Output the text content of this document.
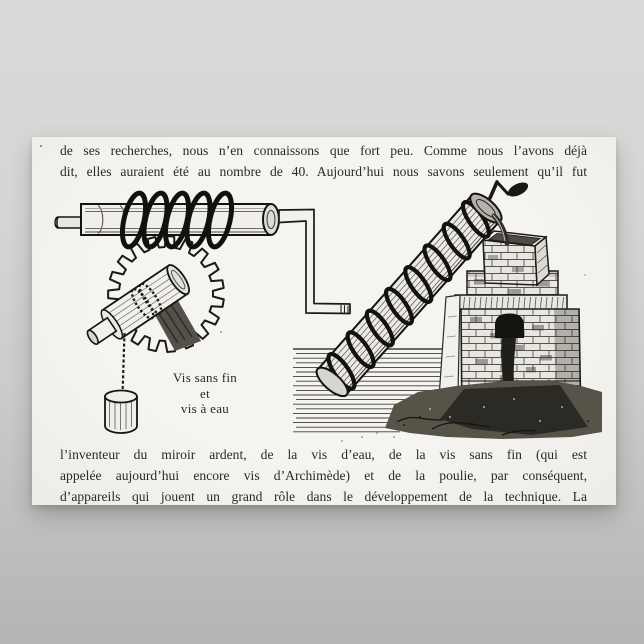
de ses recherches, nous n’en connaissons que fort peu. Comme nous l’avons déjà
dit, elles auraient été au nombre de 40. Aujourd’hui nous savons seulement qu’il fut
Vis sans fin
et
vis à eau
l’inventeur du miroir ardent, de la vis d’eau, de la vis sans fin (qui est
appelée aujourd’hui encore vis d’Archimède) et de la poulie, par conséquent,
d’appareils qui jouent un grand rôle dans le développement de la technique. La
